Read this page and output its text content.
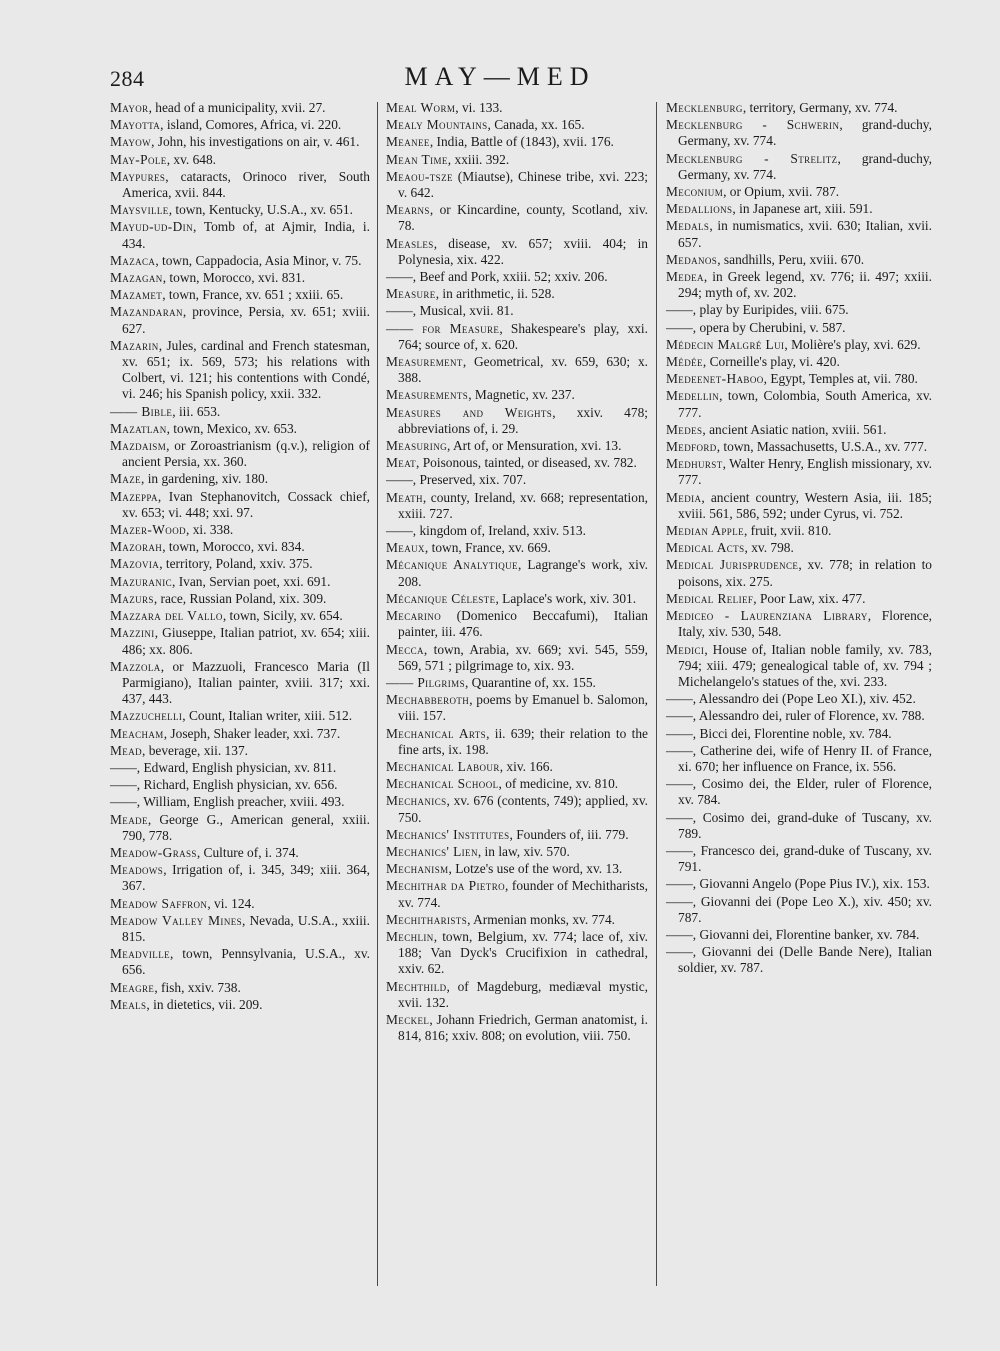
284	MAY—MED
Mayor, head of a municipality, xvii. 27.
Mayotta, island, Comores, Africa, vi. 220.
Mayow, John, his investigations on air, v. 461.
May-Pole, xv. 648.
Maypures, cataracts, Orinoco river, South America, xvii. 844.
Maysville, town, Kentucky, U.S.A., xv. 651.
Mayud-ud-Din, Tomb of, at Ajmir, India, i. 434.
Mazaca, town, Cappadocia, Asia Minor, v. 75.
Mazagan, town, Morocco, xvi. 831.
Mazamet, town, France, xv. 651 ; xxiii. 65.
Mazandaran, province, Persia, xv. 651; xviii. 627.
Mazarin, Jules, cardinal and French statesman, xv. 651; ix. 569, 573; his relations with Colbert, vi. 121; his contentions with Condé, vi. 246; his Spanish policy, xxii. 332.
—— Bible, iii. 653.
Mazatlan, town, Mexico, xv. 653.
Mazdaism, or Zoroastrianism (q.v.), religion of ancient Persia, xx. 360.
Maze, in gardening, xiv. 180.
Mazeppa, Ivan Stephanovitch, Cossack chief, xv. 653; vi. 448; xxi. 97.
Mazer-Wood, xi. 338.
Mazorah, town, Morocco, xvi. 834.
Mazovia, territory, Poland, xxiv. 375.
Mazuranic, Ivan, Servian poet, xxi. 691.
Mazurs, race, Russian Poland, xix. 309.
Mazzara del Vallo, town, Sicily, xv. 654.
Mazzini, Giuseppe, Italian patriot, xv. 654; xiii. 486; xx. 806.
Mazzola, or Mazzuoli, Francesco Maria (Il Parmigiano), Italian painter, xviii. 317; xxi. 437, 443.
Mazzuchelli, Count, Italian writer, xiii. 512.
Meacham, Joseph, Shaker leader, xxi. 737.
Mead, beverage, xii. 137.
——, Edward, English physician, xv. 811.
——, Richard, English physician, xv. 656.
——, William, English preacher, xviii. 493.
Meade, George G., American general, xxiii. 790, 778.
Meadow-Grass, Culture of, i. 374.
Meadows, Irrigation of, i. 345, 349; xiii. 364, 367.
Meadow Saffron, vi. 124.
Meadow Valley Mines, Nevada, U.S.A., xxiii. 815.
Meadville, town, Pennsylvania, U.S.A., xv. 656.
Meagre, fish, xxiv. 738.
Meals, in dietetics, vii. 209.
Meal Worm, vi. 133.
Mealy Mountains, Canada, xx. 165.
Meanee, India, Battle of (1843), xvii. 176.
Mean Time, xxiii. 392.
Meaou-tsze (Miautse), Chinese tribe, xvi. 223; v. 642.
Mearns, or Kincardine, county, Scotland, xiv. 78.
Measles, disease, xv. 657; xviii. 404; in Polynesia, xix. 422.
——, Beef and Pork, xxiii. 52; xxiv. 206.
Measure, in arithmetic, ii. 528.
——, Musical, xvii. 81.
—— for Measure, Shakespeare's play, xxi. 764; source of, x. 620.
Measurement, Geometrical, xv. 659, 630; x. 388.
Measurements, Magnetic, xv. 237.
Measures and Weights, xxiv. 478; abbreviations of, i. 29.
Measuring, Art of, or Mensuration, xvi. 13.
Meat, Poisonous, tainted, or diseased, xv. 782.
——, Preserved, xix. 707.
Meath, county, Ireland, xv. 668; representation, xxiii. 727.
——, kingdom of, Ireland, xxiv. 513.
Meaux, town, France, xv. 669.
Mécanique Analytique, Lagrange's work, xiv. 208.
Mécanique Céleste, Laplace's work, xiv. 301.
Mecarino (Domenico Beccafumi), Italian painter, iii. 476.
Mecca, town, Arabia, xv. 669; xvi. 545, 559, 569, 571 ; pilgrimage to, xix. 93.
—— Pilgrims, Quarantine of, xx. 155.
Mechabberoth, poems by Emanuel b. Salomon, viii. 157.
Mechanical Arts, ii. 639; their relation to the fine arts, ix. 198.
Mechanical Labour, xiv. 166.
Mechanical School, of medicine, xv. 810.
Mechanics, xv. 676 (contents, 749); applied, xv. 750.
Mechanics' Institutes, Founders of, iii. 779.
Mechanics' Lien, in law, xiv. 570.
Mechanism, Lotze's use of the word, xv. 13.
Mechithar da Pietro, founder of Mechitharists, xv. 774.
Mechitharists, Armenian monks, xv. 774.
Mechlin, town, Belgium, xv. 774; lace of, xiv. 188; Van Dyck's Crucifixion in cathedral, xxiv. 62.
Mechthild, of Magdeburg, mediæval mystic, xvii. 132.
Meckel, Johann Friedrich, German anatomist, i. 814, 816; xxiv. 808; on evolution, viii. 750.
Mecklenburg, territory, Germany, xv. 774.
Mecklenburg - Schwerin, grand-duchy, Germany, xv. 774.
Mecklenburg - Strelitz, grand-duchy, Germany, xv. 774.
Meconium, or Opium, xvii. 787.
Medallions, in Japanese art, xiii. 591.
Medals, in numismatics, xvii. 630; Italian, xvii. 657.
Medanos, sandhills, Peru, xviii. 670.
Medea, in Greek legend, xv. 776; ii. 497; xxiii. 294; myth of, xv. 202.
——, play by Euripides, viii. 675.
——, opera by Cherubini, v. 587.
Médecin Malgré Lui, Molière's play, xvi. 629.
Médée, Corneille's play, vi. 420.
Medeenet-Haboo, Egypt, Temples at, vii. 780.
Medellin, town, Colombia, South America, xv. 777.
Medes, ancient Asiatic nation, xviii. 561.
Medford, town, Massachusetts, U.S.A., xv. 777.
Medhurst, Walter Henry, English missionary, xv. 777.
Media, ancient country, Western Asia, iii. 185; xviii. 561, 586, 592; under Cyrus, vi. 752.
Median Apple, fruit, xvii. 810.
Medical Acts, xv. 798.
Medical Jurisprudence, xv. 778; in relation to poisons, xix. 275.
Medical Relief, Poor Law, xix. 477.
Mediceo - Laurenziana Library, Florence, Italy, xiv. 530, 548.
Medici, House of, Italian noble family, xv. 783, 794; xiii. 479; genealogical table of, xv. 794 ; Michelangelo's statues of the, xvi. 233.
——, Alessandro dei (Pope Leo XI.), xiv. 452.
——, Alessandro dei, ruler of Florence, xv. 788.
——, Bicci dei, Florentine noble, xv. 784.
——, Catherine dei, wife of Henry II. of France, xi. 670; her influence on France, ix. 556.
——, Cosimo dei, the Elder, ruler of Florence, xv. 784.
——, Cosimo dei, grand-duke of Tuscany, xv. 789.
——, Francesco dei, grand-duke of Tuscany, xv. 791.
——, Giovanni Angelo (Pope Pius IV.), xix. 153.
——, Giovanni dei (Pope Leo X.), xiv. 450; xv. 787.
——, Giovanni dei, Florentine banker, xv. 784.
——, Giovanni dei (Delle Bande Nere), Italian soldier, xv. 787.
